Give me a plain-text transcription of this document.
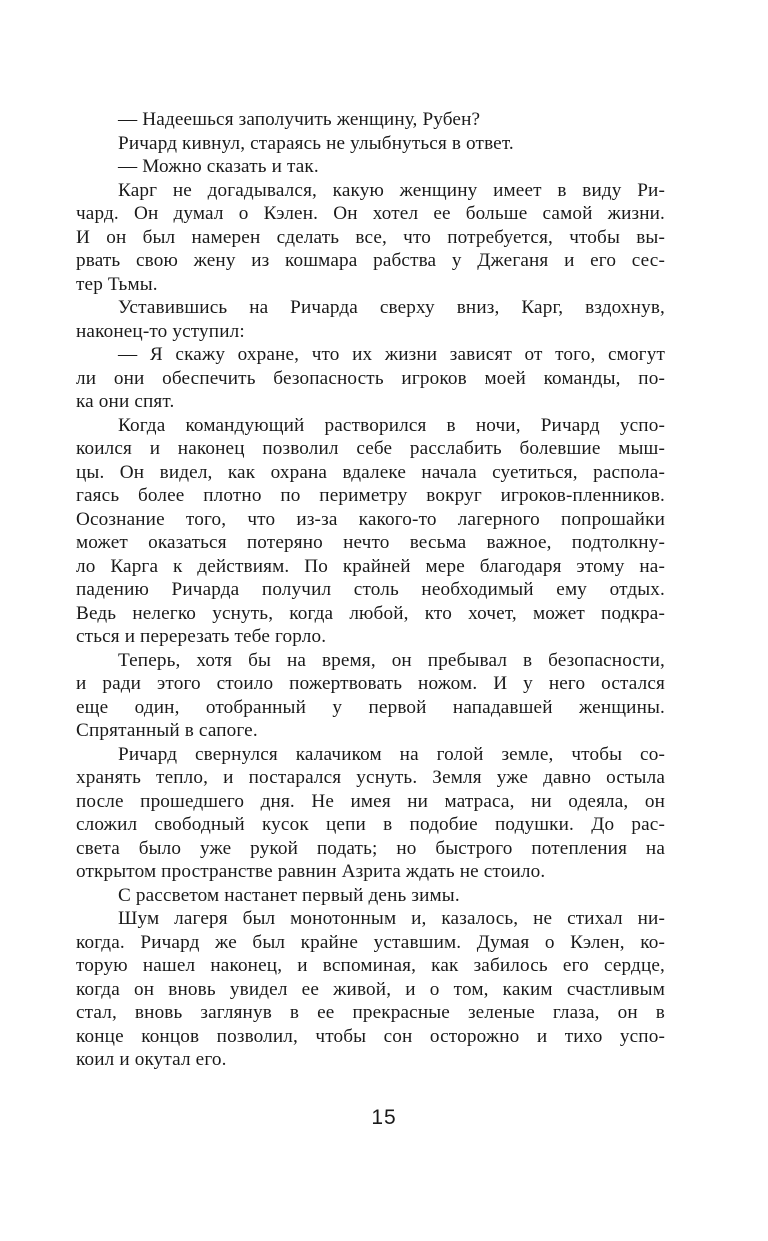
— Надеешься заполучить женщину, Рубен?
Ричард кивнул, стараясь не улыбнуться в ответ.
— Можно сказать и так.
Карг не догадывался, какую женщину имеет в виду Ри-
чард. Он думал о Кэлен. Он хотел ее больше самой жизни.
И он был намерен сделать все, что потребуется, чтобы вы-
рвать свою жену из кошмара рабства у Джеганя и его сес-
тер Тьмы.
Уставившись на Ричарда сверху вниз, Карг, вздохнув,
наконец-то уступил:
— Я скажу охране, что их жизни зависят от того, смогут
ли они обеспечить безопасность игроков моей команды, по-
ка они спят.
Когда командующий растворился в ночи, Ричард успо-
коился и наконец позволил себе расслабить болевшие мыш-
цы. Он видел, как охрана вдалеке начала суетиться, распола-
гаясь более плотно по периметру вокруг игроков-пленников.
Осознание того, что из-за какого-то лагерного попрошайки
может оказаться потеряно нечто весьма важное, подтолкну-
ло Карга к действиям. По крайней мере благодаря этому на-
падению Ричарда получил столь необходимый ему отдых.
Ведь нелегко уснуть, когда любой, кто хочет, может подкра-
сться и перерезать тебе горло.
Теперь, хотя бы на время, он пребывал в безопасности,
и ради этого стоило пожертвовать ножом. И у него остался
еще один, отобранный у первой нападавшей женщины.
Спрятанный в сапоге.
Ричард свернулся калачиком на голой земле, чтобы со-
хранять тепло, и постарался уснуть. Земля уже давно остыла
после прошедшего дня. Не имея ни матраса, ни одеяла, он
сложил свободный кусок цепи в подобие подушки. До рас-
света было уже рукой подать; но быстрого потепления на
открытом пространстве равнин Азрита ждать не стоило.
С рассветом настанет первый день зимы.
Шум лагеря был монотонным и, казалось, не стихал ни-
когда. Ричард же был крайне уставшим. Думая о Кэлен, ко-
торую нашел наконец, и вспоминая, как забилось его сердце,
когда он вновь увидел ее живой, и о том, каким счастливым
стал, вновь заглянув в ее прекрасные зеленые глаза, он в
конце концов позволил, чтобы сон осторожно и тихо успо-
коил и окутал его.
15
